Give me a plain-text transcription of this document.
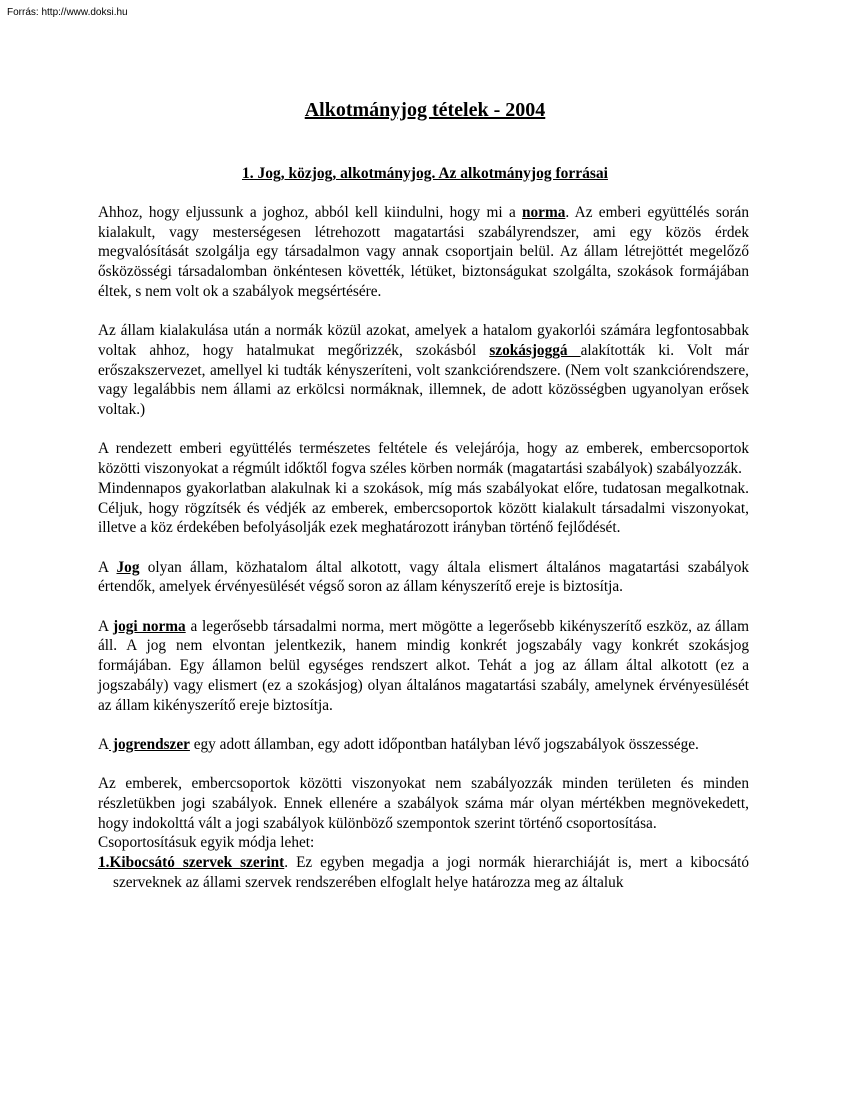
Forrás: http://www.doksi.hu
Alkotmányjog tételek - 2004
1. Jog, közjog, alkotmányjog. Az alkotmányjog forrásai

Ahhoz, hogy eljussunk a joghoz, abból kell kiindulni, hogy mi a norma. Az emberi együttélés során kialakult, vagy mesterségesen létrehozott magatartási szabályrendszer, ami egy közös érdek megvalósítását szolgálja egy társadalmon vagy annak csoportjain belül. Az állam létrejöttét megelőző ősközösségi társadalomban önkéntesen követték, létüket, biztonságukat szolgálta, szokások formájában éltek, s nem volt ok a szabályok megsértésére.

Az állam kialakulása után a normák közül azokat, amelyek a hatalom gyakorlói számára legfontosabbak voltak ahhoz, hogy hatalmukat megőrizzék, szokásból szokásjoggá alakították ki. Volt már erőszakszervezet, amellyel ki tudták kényszeríteni, volt szankciórendszere. (Nem volt szankciórendszere, vagy legalábbis nem állami az erkölcsi normáknak, illemnek, de adott közösségben ugyanolyan erősek voltak.)

A rendezett emberi együttélés természetes feltétele és velejárója, hogy az emberek, embercsoportok közötti viszonyokat a régmúlt időktől fogva széles körben normák (magatartási szabályok) szabályozzák.

Mindennapos gyakorlatban alakulnak ki a szokások, míg más szabályokat előre, tudatosan megalkotnak. Céljuk, hogy rögzítsék és védjék az emberek, embercsoportok között kialakult társadalmi viszonyokat, illetve a köz érdekében befolyásolják ezek meghatározott irányban történő fejlődését.

A Jog olyan állam, közhatalom által alkotott, vagy általa elismert általános magatartási szabályok értendők, amelyek érvényesülését végső soron az állam kényszerítő ereje is biztosítja.

A jogi norma a legerősebb társadalmi norma, mert mögötte a legerősebb kikényszerítő eszköz, az állam áll. A jog nem elvontan jelentkezik, hanem mindig konkrét jogszabály vagy konkrét szokásjog formájában. Egy államon belül egységes rendszert alkot. Tehát a jog az állam által alkotott (ez a jogszabály) vagy elismert (ez a szokásjog) olyan általános magatartási szabály, amelynek érvényesülését az állam kikényszerítő ereje biztosítja.

A jogrendszer egy adott államban, egy adott időpontban hatályban lévő jogszabályok összessége.

Az emberek, embercsoportok közötti viszonyokat nem szabályozzák minden területen és minden részletükben jogi szabályok. Ennek ellenére a szabályok száma már olyan mértékben megnövekedett, hogy indokolttá vált a jogi szabályok különböző szempontok szerint történő csoportosítása.

Csoportosításuk egyik módja lehet:

1.Kibocsátó szervek szerint. Ez egyben megadja a jogi normák hierarchiáját is, mert a kibocsátó szerveknek az állami szervek rendszerében elfoglalt helye határozza meg az általuk
